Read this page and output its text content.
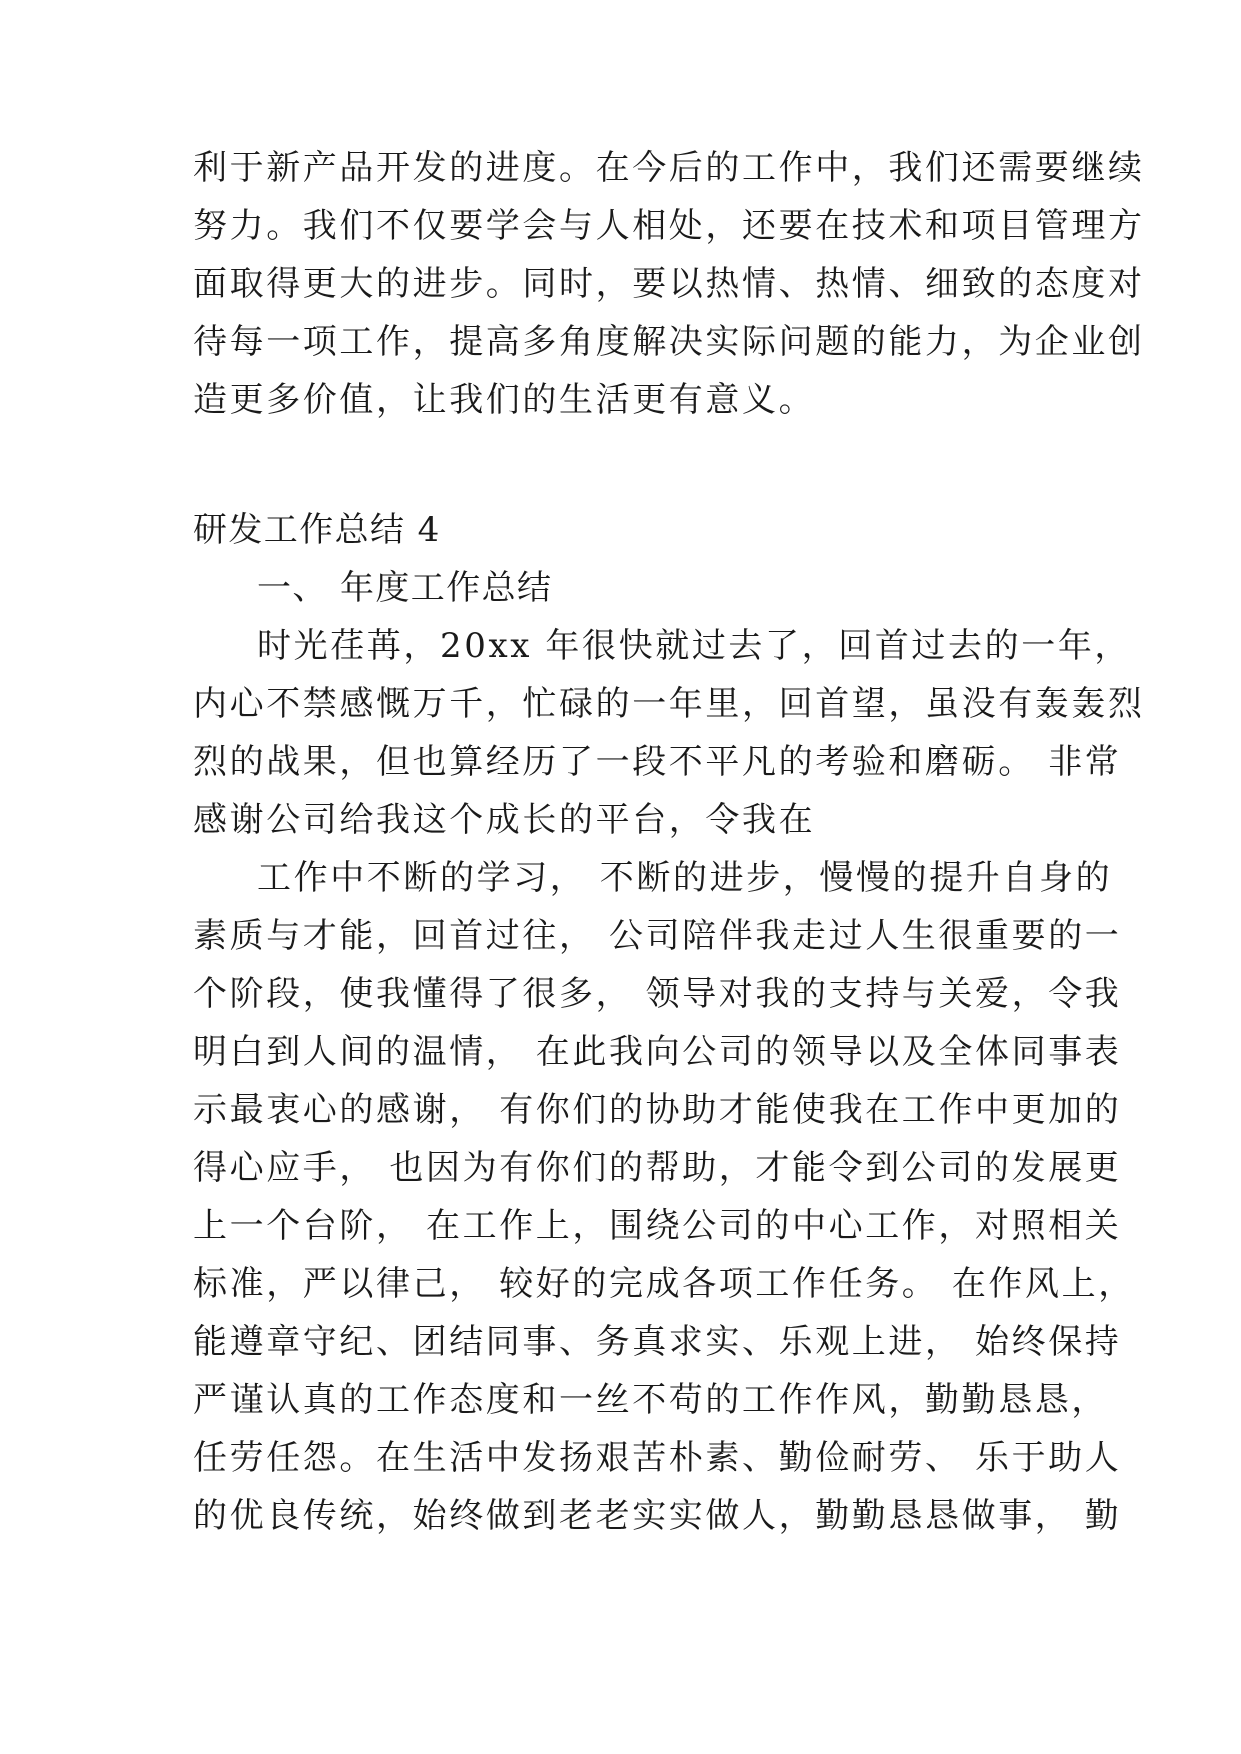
利于新产品开发的进度。在今后的工作中，我们还需要继续
努力。我们不仅要学会与人相处，还要在技术和项目管理方
面取得更大的进步。同时，要以热情、热情、细致的态度对
待每一项工作，提高多角度解决实际问题的能力，为企业创
造更多价值，让我们的生活更有意义。
研发工作总结 4
一、 年度工作总结
时光荏苒，20xx 年很快就过去了，回首过去的一年，
内心不禁感慨万千，忙碌的一年里，回首望，虽没有轰轰烈
烈的战果，但也算经历了一段不平凡的考验和磨砺。 非常
感谢公司给我这个成长的平台，令我在
工作中不断的学习， 不断的进步，慢慢的提升自身的
素质与才能，回首过往， 公司陪伴我走过人生很重要的一
个阶段，使我懂得了很多， 领导对我的支持与关爱，令我
明白到人间的温情， 在此我向公司的领导以及全体同事表
示最衷心的感谢， 有你们的协助才能使我在工作中更加的
得心应手， 也因为有你们的帮助，才能令到公司的发展更
上一个台阶， 在工作上，围绕公司的中心工作，对照相关
标准，严以律己， 较好的完成各项工作任务。 在作风上，
能遵章守纪、团结同事、务真求实、乐观上进， 始终保持
严谨认真的工作态度和一丝不苟的工作作风，勤勤恳恳，
任劳任怨。在生活中发扬艰苦朴素、勤俭耐劳、 乐于助人
的优良传统，始终做到老老实实做人，勤勤恳恳做事， 勤
